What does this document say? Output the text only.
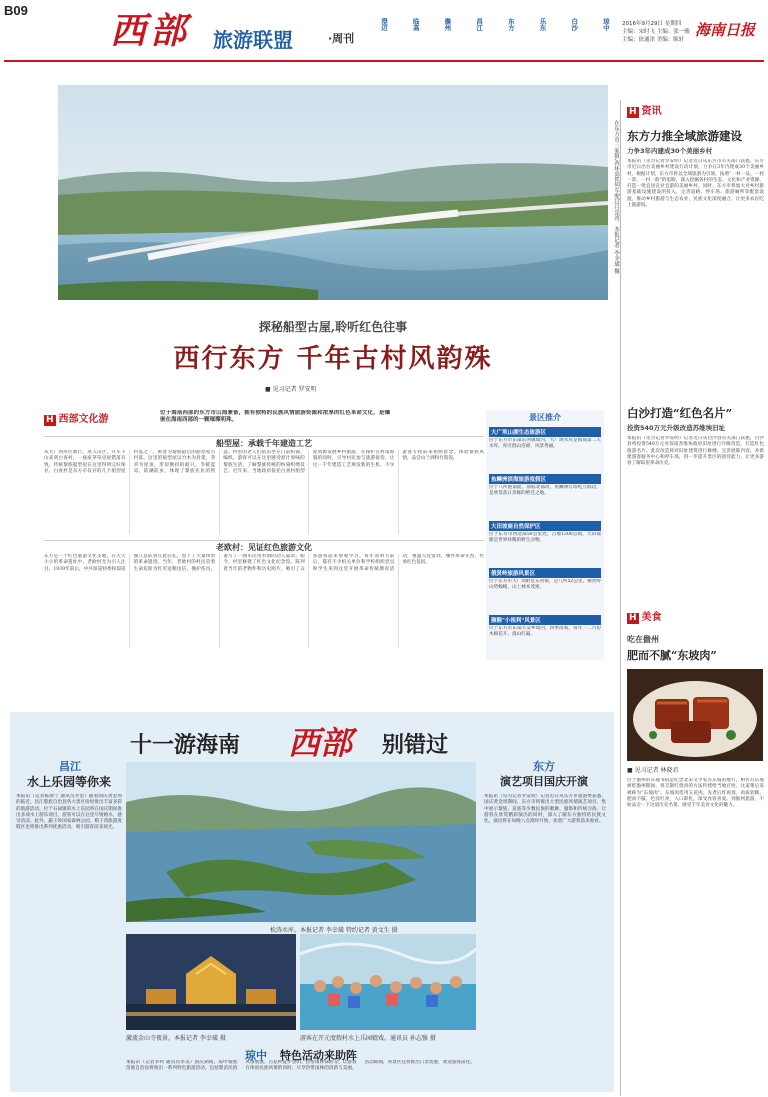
B09 西部 旅游联盟	·周刊
澄迈	临高	儋州	昌江	东方	乐东	白沙	琼中 2016年9月29日 星期四
主编：宋时飞 主编：张一骏
主编：徐通津 美编：陈轩
海南日报
在东方市三家镇,西环高铁列车驶过月亮湾。本报记者 李幸璜 摄
探秘船型古屋,聆听红色往事
西行东方 千年古村风韵殊
■ 见习记者 罗安明
H 西部文化游
位于海南西部的东方市山海兼备，拥有独特的民族风情旅游资源和浓厚的红色革命文化，是镶嵌在海南西部的一颗璀璨明珠。
船型屋：承载千年建造工艺
从大广坝库区新行，进入山区，开车下山来到白查村，一座座茅草房屋错落有致，传统黎族船型屋在这里得到完好保存。白查村是东方市仅存的几个船型屋村落之一，被誉为黎族最后的船型屋古村落。这里的船型屋以竹木为骨架，茅草为屋顶，形似倒扣的船只，冬暖夏凉，防潮防虫，体现了黎族先民的智慧。村里的老人们依旧坐在门前织锦、编织，游客可以在这里感受原汁原味的黎族生活，了解黎族传统的纺染织绣技艺。近年来，当地政府依托白查村船型屋资源发展乡村旅游，在保护古村落原貌的同时，引导村民参与旅游接待，让这一千年建造工艺焕发新的生机。不少游客专程前来拍照留念，体验黎族风情，品尝山兰酒和竹筒饭。
老欧村：见证红色旅游文化
东方是一个红色旅游文化圣地，在大大小小的革命遗址中，老欧村尤为引人注目。1939年前后，中共琼崖特委和琼崖独立总队曾在此驻扎，留下了大量珍贵的革命遗迹。当年，老欧村的村民冒着生命危险为红军送粮送信，掩护伤员，谱写了一曲军民鱼水情的动人篇章。如今，村里修建了红色文化纪念馆，陈列着当年的老物件和历史照片，吸引了众多游客前来参观学习。每年清明节前后，都有不少机关单位和学校组织党员和学生来到这里开展革命传统教育活动，重温入党誓词，缅怀革命先烈，传承红色基因。
景区推介
大广坝山湖生态旅游区
位于东方市东部东河镇境内，大广坝水库是海南第二大水库，库区群山连绵，风景秀丽。
鱼鳞洲滨海旅游度假区
位于八所港南面，面临北部湾，鱼鳞洲灯塔屹立海边，是欣赏落日余晖的绝佳之地。
大田坡鹿自然保护区
位于东方市西北部50公里处，占地1300公顷，大田坡鹿是世界珍稀的野生动物。
俄贤岭旅游风景区
位于东方市大广坝附近东河镇，是八所52公里，俄贤岭山势峻峭，山上林木茂密。
猕猴"小视利"风景区
位于东方市东部天安乡境内，四季清爽，每年一二月份木棉花开，漫山红遍。
H 资讯
东方力推全域旅游建设
力争3年内建成30个美丽乡村
本报讯（见习记者罗安明）记者近日从东方市有关部门获悉，东方市近日出台美丽乡村建设行动计划，力争在3年内建成30个美丽乡村。根据计划，东方市将以全域旅游为引领，按照“一村一品、一村一景、一村一韵”的思路，深入挖掘各村的生态、文化和产业资源，打造一批宜居宜业宜游的美丽乡村。同时，东方市将加大对乡村旅游基础设施建设的投入，完善道路、停车场、旅游厕所等配套设施，推动乡村旅游与生态农业、民族文化深度融合，让更多农民吃上旅游饭。
白沙打造“红色名片”
投资540万元升级改造苏维埃旧址
本报讯（见习记者罗安明）记者近日从白沙县有关部门获悉，白沙县将投资540万元对琼崖苏维埃政府旧址进行升级改造，打造红色旅游名片。此次改造将对旧址建筑进行修缮，完善展陈内容，并新建游客服务中心和停车场，进一步提升景区的接待能力，让更多游客了解琼崖革命历史。
H 美食
吃在儋州
肥而不腻“东坡肉”
■ 见习记者 林晓君
位于儋州的东坡书院是纪念北宋文学家苏东坡的地方，相传苏东坡被贬儋州期间，将烹制红烧肉的方法传授给当地百姓，这道菜后来被称为“东坡肉”。东坡肉选用五花肉，先煮后炸再蒸，肉质软糯，肥而不腻，色泽红亮，入口即化，深受食客喜爱。到儋州旅游，不妨品尝一下这道历史名菜，感受千年美食文化的魅力。
十一游海南 西部 别错过
昌江
水上乐园等你来
本报讯（记者陈海宁 通讯员李金）随着国庆黄金周的临近，昌江黎族自治县各大景区纷纷推出丰富多彩的旅游活动。位于石碌镇的水上乐园将在国庆期间推出多项水上游乐项目，游客可以在这里尽情嬉水，感受清凉。此外，霸王岭国家森林公园、棋子湾旅游度假区也将推出系列优惠活动，吸引游客前来观光。
松涛水库。本报记者 李幸璜 特约记者 黄文生 摄
激流金山寺夜景。本报记者 李幸璜 摄	游客在开元度假村水上乐园嬉戏。通讯员 孙志强 摄
东方
演艺项目国庆开演
本报讯（见习记者罗安明）记者近日从东方市旅游委获悉，国庆黄金周期间，东方市将推出大型民族风情演艺项目，集中展示黎族、苗族等少数民族的歌舞、服饰和传统习俗，让游客在欣赏精彩演出的同时，深入了解东方独特的民族文化。演出将在每晚八点准时开始，欢迎广大游客前来观看。
琼中 特色活动来助阵
本报讯（记者李珂 通讯员李美）国庆期间，琼中黎族苗族自治县将推出一系列特色旅游活动，包括黎苗民俗风情展演、百花岭徒步登山、热带雨林探险等，让游客在体验民族风情的同时，尽享热带雨林的清新与美丽。活动期间，各景区还将推出门票优惠，欢迎游客前往。
